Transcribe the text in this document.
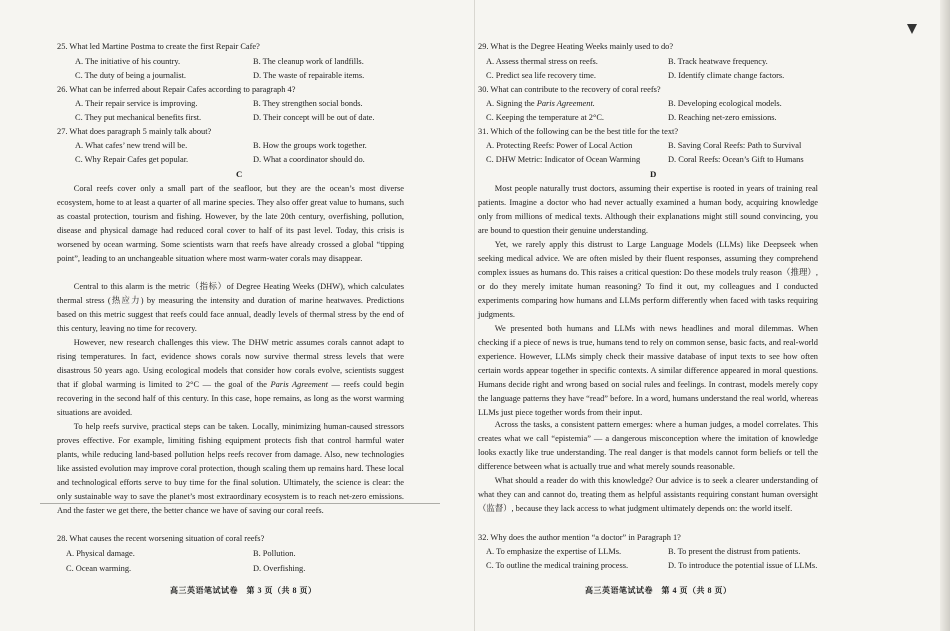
25. What led Martine Postma to create the first Repair Cafe?
A. The initiative of his country.	B. The cleanup work of landfills.
C. The duty of being a journalist.	D. The waste of repairable items.
26. What can be inferred about Repair Cafes according to paragraph 4?
A. Their repair service is improving.	B. They strengthen social bonds.
C. They put mechanical benefits first.	D. Their concept will be out of date.
27. What does paragraph 5 mainly talk about?
A. What cafes’ new trend will be.	B. How the groups work together.
C. Why Repair Cafes get popular.	D. What a coordinator should do.
C
Coral reefs cover only a small part of the seafloor, but they are the ocean’s most diverse ecosystem, home to at least a quarter of all marine species. They also offer great value to humans, such as coastal protection, tourism and fishing. However, by the late 20th century, overfishing, pollution, disease and physical damage had reduced coral cover to half of its past level. Today, this crisis is worsened by ocean warming. Some scientists warn that reefs have already crossed a global “tipping point”, leading to an unchangeable situation where most warm-water corals may disappear.
Central to this alarm is the metric（指标）of Degree Heating Weeks (DHW), which calculates thermal stress (热应力) by measuring the intensity and duration of marine heatwaves. Predictions based on this metric suggest that reefs could face annual, deadly levels of thermal stress by the end of this century, leaving no time for recovery.
However, new research challenges this view. The DHW metric assumes corals cannot adapt to rising temperatures. In fact, evidence shows corals now survive thermal stress levels that were disastrous 50 years ago. Using ecological models that consider how corals evolve, scientists suggest that if global warming is limited to 2°C — the goal of the Paris Agreement — reefs could begin recovering in the second half of this century. In this case, hope remains, as long as the worst warming situations are avoided.
To help reefs survive, practical steps can be taken. Locally, minimizing human-caused stressors proves effective. For example, limiting fishing equipment protects fish that control harmful water plants, while reducing land-based pollution helps reefs recover from damage. Also, new technologies like assisted evolution may improve coral protection, though scaling them up remains hard. These local and technological efforts serve to buy time for the final solution. Ultimately, the science is clear: the only sustainable way to save the planet’s most extraordinary ecosystem is to reach net-zero emissions. And the faster we get there, the better chance we have of saving our coral reefs.
28. What causes the recent worsening situation of coral reefs?
A. Physical damage.	B. Pollution.
C. Ocean warming.	D. Overfishing.
高三英语笔试试卷　第 3 页（共 8 页）
29. What is the Degree Heating Weeks mainly used to do?
A. Assess thermal stress on reefs.	B. Track heatwave frequency.
C. Predict sea life recovery time.	D. Identify climate change factors.
30. What can contribute to the recovery of coral reefs?
A. Signing the Paris Agreement.	B. Developing ecological models.
C. Keeping the temperature at 2°C.	D. Reaching net-zero emissions.
31. Which of the following can be the best title for the text?
A. Protecting Reefs: Power of Local Action	B. Saving Coral Reefs: Path to Survival
C. DHW Metric: Indicator of Ocean Warming	D. Coral Reefs: Ocean’s Gift to Humans
D
Most people naturally trust doctors, assuming their expertise is rooted in years of training real patients. Imagine a doctor who had never actually examined a human body, acquiring knowledge only from millions of medical texts. Although their explanations might still sound convincing, you are bound to question their genuine understanding.
Yet, we rarely apply this distrust to Large Language Models (LLMs) like Deepseek when seeking medical advice. We are often misled by their fluent responses, assuming they comprehend complex issues as humans do. This raises a critical question: Do these models truly reason（推理）, or do they merely imitate human reasoning? To find it out, my colleagues and I conducted experiments comparing how humans and LLMs perform differently when faced with tasks requiring judgments.
We presented both humans and LLMs with news headlines and moral dilemmas. When checking if a piece of news is true, humans tend to rely on common sense, basic facts, and real-world experience. However, LLMs simply check their massive database of input texts to see how often certain words appear together in specific contexts. A similar difference appeared in moral questions. Humans decide right and wrong based on social rules and feelings. In contrast, models merely copy the language patterns they have “read” before. In a word, humans understand the real world, whereas LLMs just piece together words from their input.
Across the tasks, a consistent pattern emerges: where a human judges, a model correlates. This creates what we call “epistemia” — a dangerous misconception where the imitation of knowledge looks exactly like true understanding. The real danger is that models cannot form beliefs or tell the difference between what is actually true and what merely sounds reasonable.
What should a reader do with this knowledge? Our advice is to seek a clearer understanding of what they can and cannot do, treating them as helpful assistants requiring constant human oversight（监督）, because they lack access to what judgment ultimately depends on: the world itself.
32. Why does the author mention “a doctor” in Paragraph 1?
A. To emphasize the expertise of LLMs.	B. To present the distrust from patients.
C. To outline the medical training process.	D. To introduce the potential issue of LLMs.
高三英语笔试试卷　第 4 页（共 8 页）
